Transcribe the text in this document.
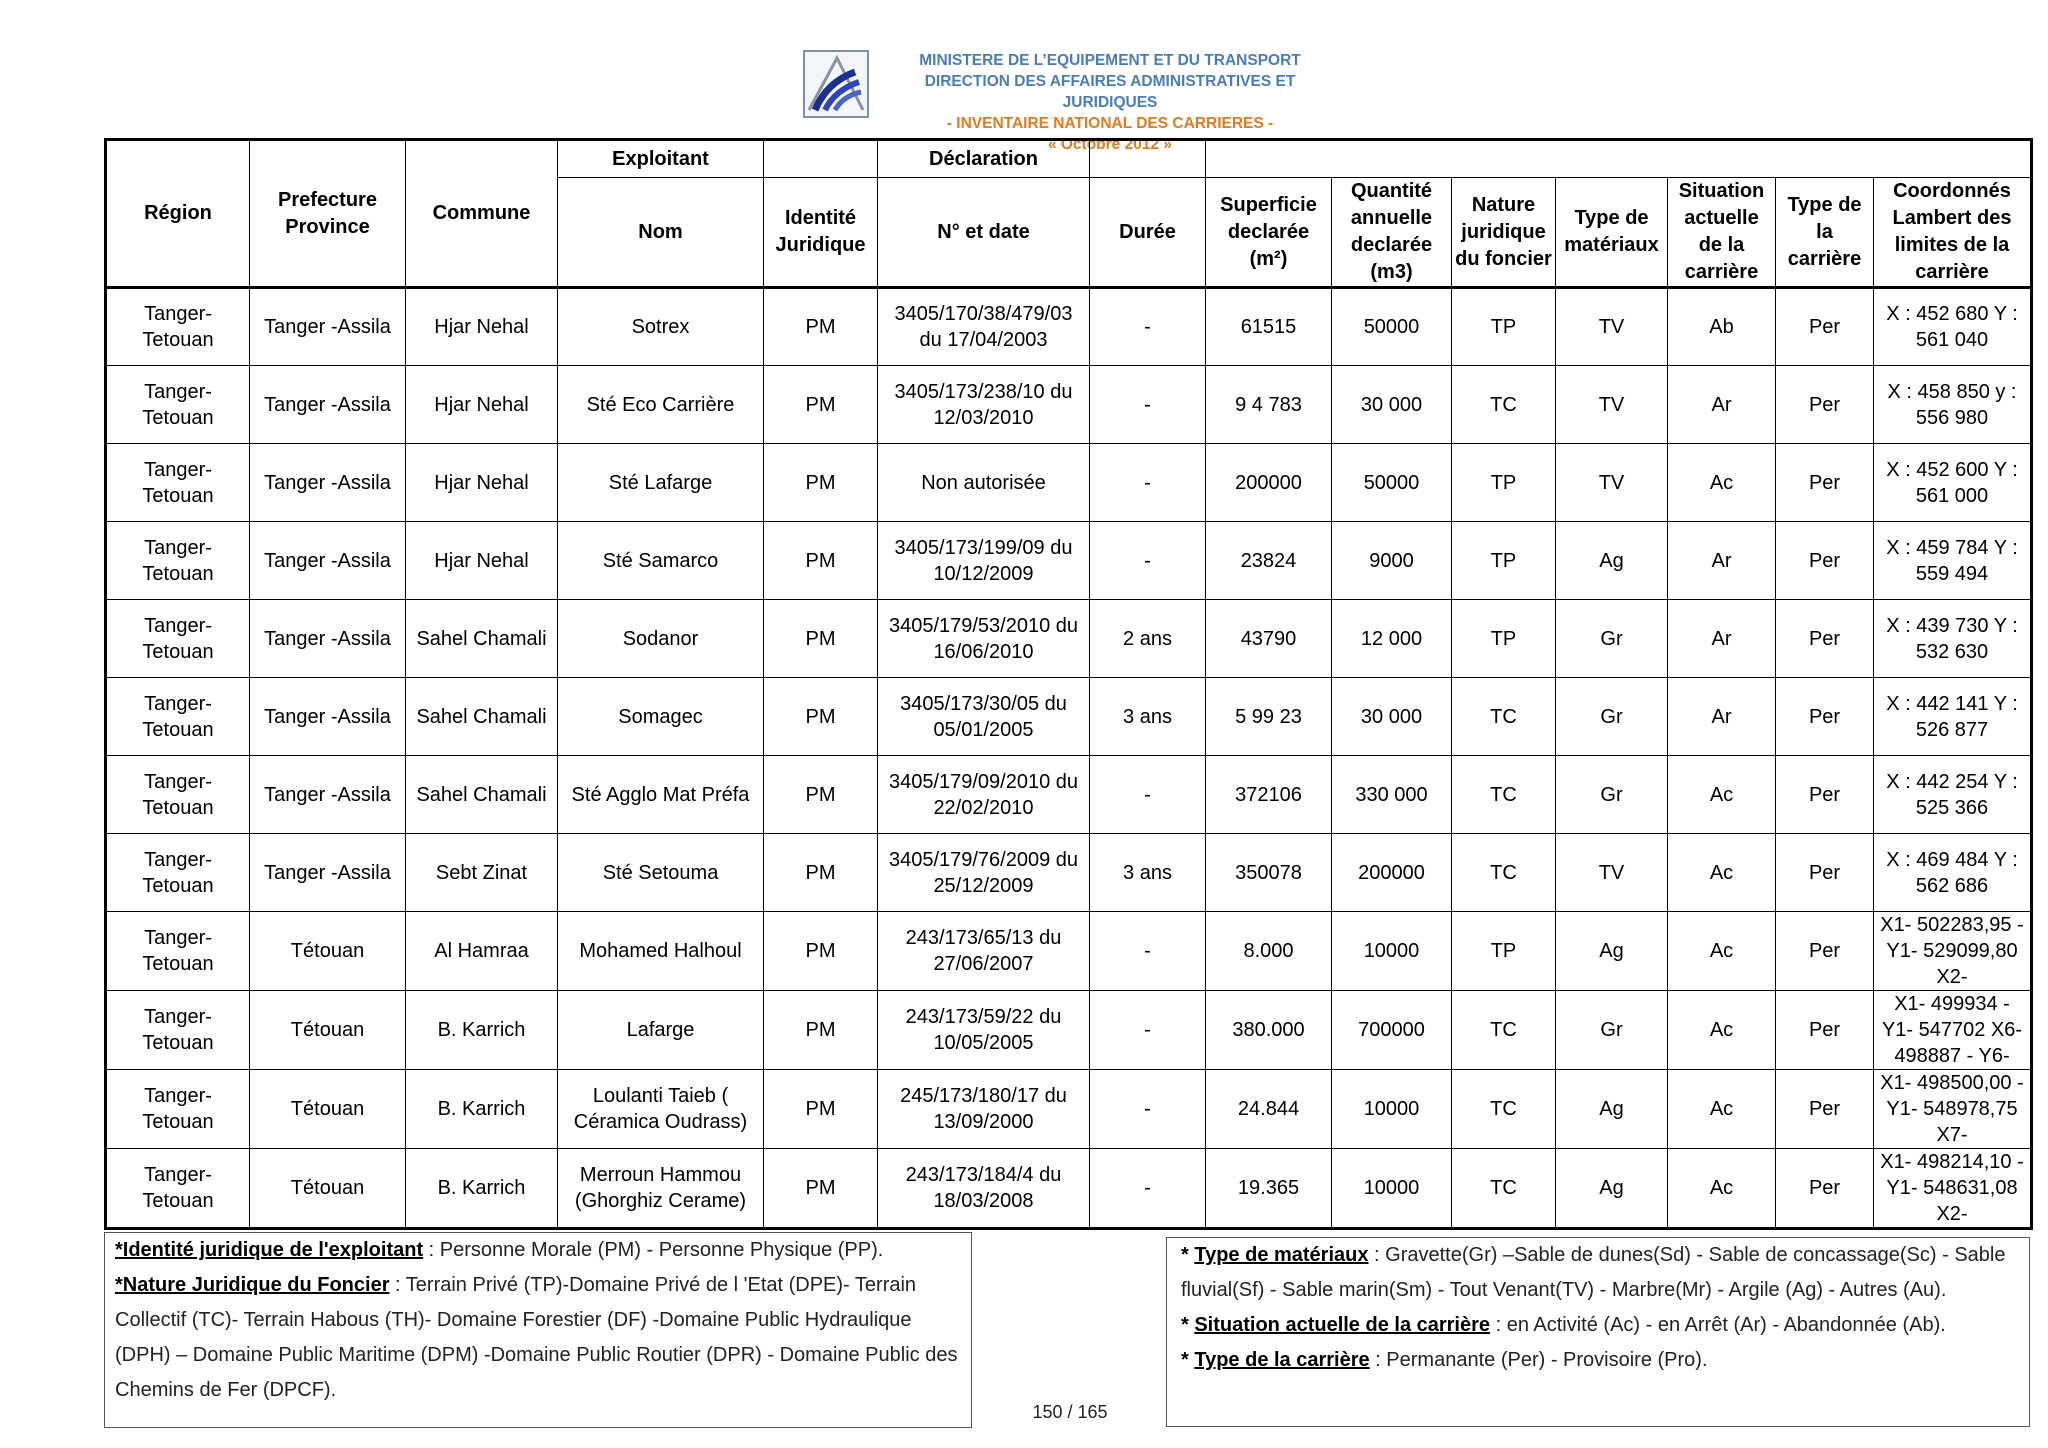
MINISTERE DE L’EQUIPEMENT ET DU TRANSPORT
DIRECTION DES AFFAIRES ADMINISTRATIVES ET JURIDIQUES
- INVENTAIRE NATIONAL DES CARRIERES -
« Octobre 2012 »
Région	Prefecture Province	Commune	Exploitant		Déclaration								
			Nom	Identité Juridique	N° et date	Durée	Superficie declarée (m²)	Quantité annuelle declarée (m3)	Nature juridique du foncier	Type de matériaux	Situation actuelle de la carrière	Type de la carrière	Coordonnés Lambert des limites de la carrière
Tanger-Tetouan	Tanger -Assila	Hjar Nehal	Sotrex	PM	3405/170/38/479/03 du 17/04/2003	-	61515	50000	TP	TV	Ab	Per	X : 452 680 Y : 561 040
Tanger-Tetouan	Tanger -Assila	Hjar Nehal	Sté Eco Carrière	PM	3405/173/238/10 du 12/03/2010	-	9 4 783	30 000	TC	TV	Ar	Per	X : 458 850 y : 556 980
Tanger-Tetouan	Tanger -Assila	Hjar Nehal	Sté Lafarge	PM	Non autorisée	-	200000	50000	TP	TV	Ac	Per	X : 452 600 Y : 561 000
Tanger-Tetouan	Tanger -Assila	Hjar Nehal	Sté Samarco	PM	3405/173/199/09 du 10/12/2009	-	23824	9000	TP	Ag	Ar	Per	X : 459 784 Y : 559 494
Tanger-Tetouan	Tanger -Assila	Sahel Chamali	Sodanor	PM	3405/179/53/2010 du 16/06/2010	2 ans	43790	12 000	TP	Gr	Ar	Per	X : 439 730 Y : 532 630
Tanger-Tetouan	Tanger -Assila	Sahel Chamali	Somagec	PM	3405/173/30/05 du 05/01/2005	3 ans	5 99 23	30 000	TC	Gr	Ar	Per	X : 442 141 Y : 526 877
Tanger-Tetouan	Tanger -Assila	Sahel Chamali	Sté Agglo Mat Préfa	PM	3405/179/09/2010 du 22/02/2010	-	372106	330 000	TC	Gr	Ac	Per	X : 442 254 Y : 525 366
Tanger-Tetouan	Tanger -Assila	Sebt Zinat	Sté Setouma	PM	3405/179/76/2009 du 25/12/2009	3 ans	350078	200000	TC	TV	Ac	Per	X : 469 484 Y : 562 686
Tanger-Tetouan	Tétouan	Al Hamraa	Mohamed Halhoul	PM	243/173/65/13 du 27/06/2007	-	8.000	10000	TP	Ag	Ac	Per	X1- 502283,95 - Y1- 529099,80 X2-
Tanger-Tetouan	Tétouan	B. Karrich	Lafarge	PM	243/173/59/22 du 10/05/2005	-	380.000	700000	TC	Gr	Ac	Per	X1- 499934 - Y1- 547702 X6- 498887 - Y6-
Tanger-Tetouan	Tétouan	B. Karrich	Loulanti Taieb ( Céramica Oudrass)	PM	245/173/180/17 du 13/09/2000	-	24.844	10000	TC	Ag	Ac	Per	X1- 498500,00 - Y1- 548978,75 X7-
Tanger-Tetouan	Tétouan	B. Karrich	Merroun Hammou (Ghorghiz Cerame)	PM	243/173/184/4 du 18/03/2008	-	19.365	10000	TC	Ag	Ac	Per	X1- 498214,10 - Y1- 548631,08 X2-
*Identité juridique de l'exploitant : Personne Morale (PM) - Personne Physique (PP).
*Nature Juridique du Foncier : Terrain Privé (TP)-Domaine Privé de l 'Etat (DPE)- Terrain Collectif (TC)- Terrain Habous (TH)- Domaine Forestier (DF) -Domaine Public Hydraulique (DPH) – Domaine Public Maritime (DPM) -Domaine Public Routier (DPR) - Domaine Public des Chemins de Fer (DPCF).
* Type de matériaux : Gravette(Gr) –Sable de dunes(Sd) - Sable de concassage(Sc) - Sable fluvial(Sf) - Sable marin(Sm) - Tout Venant(TV) - Marbre(Mr) - Argile (Ag) - Autres (Au).
* Situation actuelle de la carrière : en Activité (Ac) - en Arrêt (Ar) - Abandonnée (Ab).
* Type de la carrière : Permanante (Per) - Provisoire (Pro).
150 / 165
